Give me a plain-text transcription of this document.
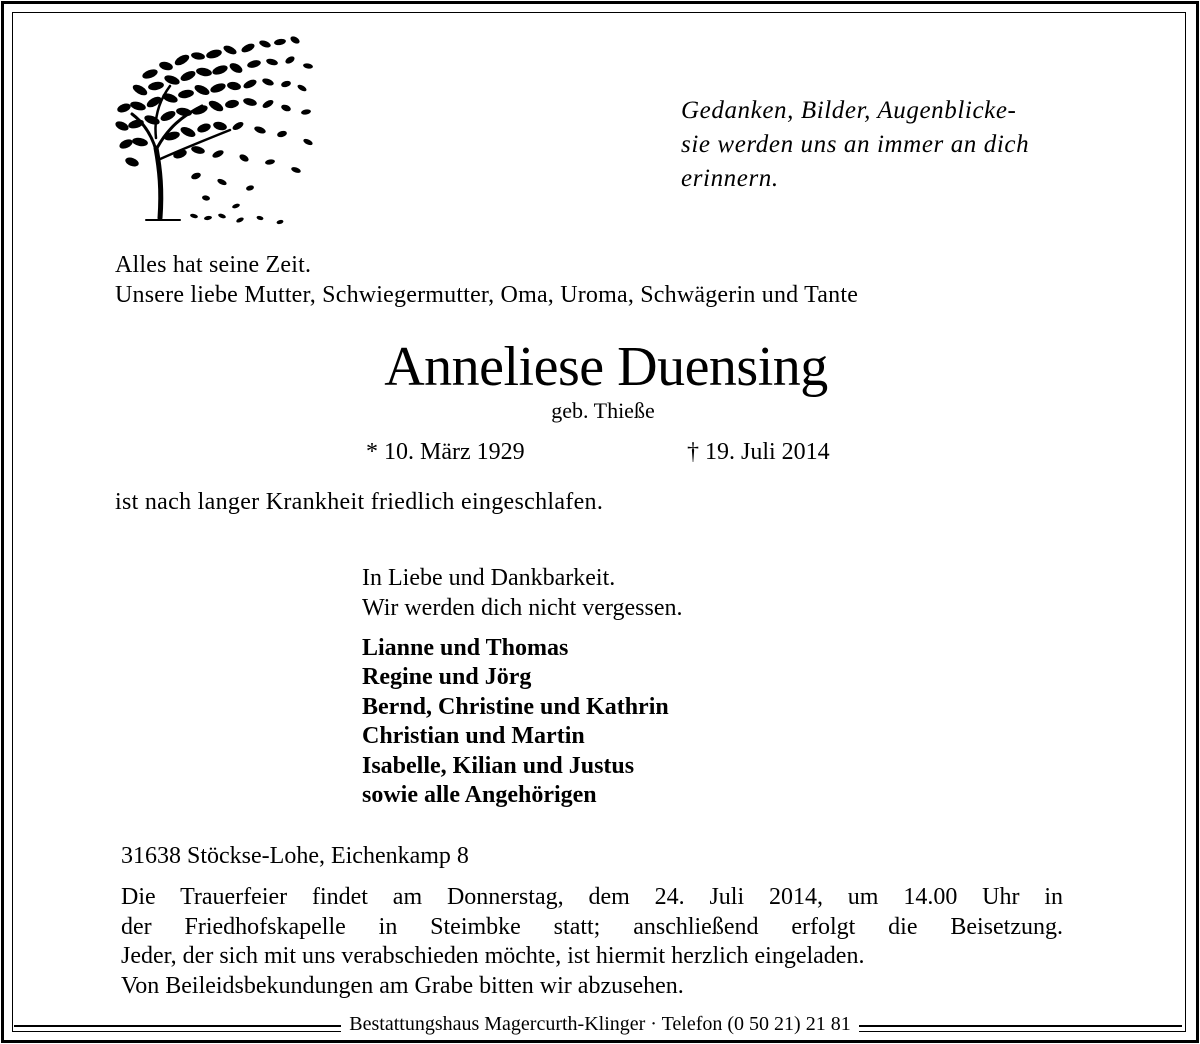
Gedanken, Bilder, Augenblicke-
sie werden uns an immer an dich
erinnern.
Alles hat seine Zeit.
Unsere liebe Mutter, Schwiegermutter, Oma, Uroma, Schwägerin und Tante
Anneliese Duensing
geb. Thieße
* 10. März 1929	† 19. Juli 2014
ist nach langer Krankheit friedlich eingeschlafen.
In Liebe und Dankbarkeit.
Wir werden dich nicht vergessen.
Lianne und Thomas
Regine und Jörg
Bernd, Christine und Kathrin
Christian und Martin
Isabelle, Kilian und Justus
sowie alle Angehörigen
31638 Stöckse-Lohe, Eichenkamp 8
Die Trauerfeier findet am Donnerstag, dem 24. Juli 2014, um 14.00 Uhr in
der Friedhofskapelle in Steimbke statt; anschließend erfolgt die Beisetzung.
Jeder, der sich mit uns verabschieden möchte, ist hiermit herzlich eingeladen.
Von Beileidsbekundungen am Grabe bitten wir abzusehen.
Bestattungshaus Magercurth-Klinger · Telefon (0 50 21) 21 81
